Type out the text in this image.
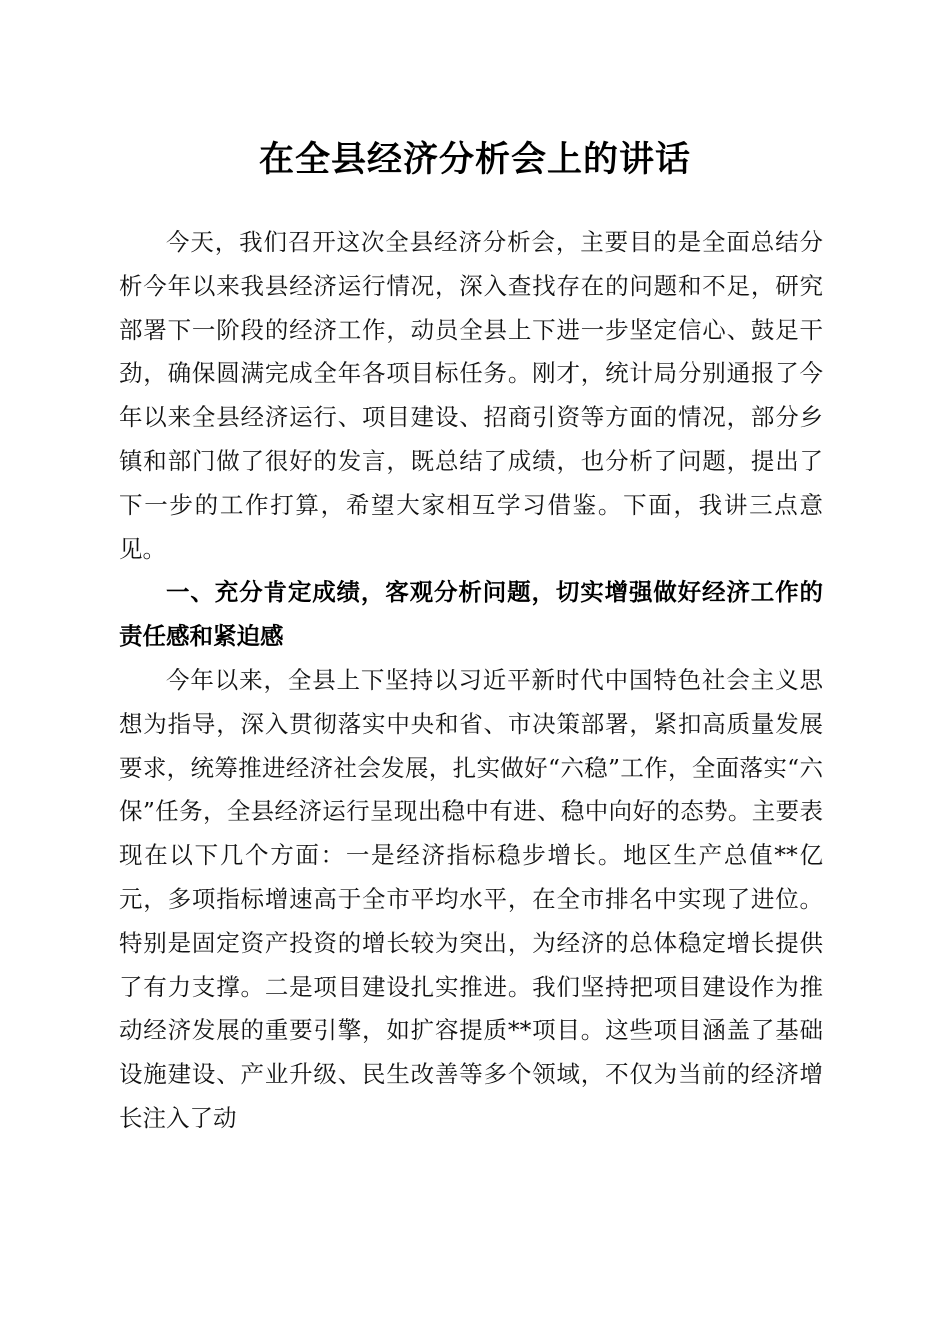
在全县经济分析会上的讲话

今天，我们召开这次全县经济分析会，主要目的是全面总结分析今年以来我县经济运行情况，深入查找存在的问题和不足，研究部署下一阶段的经济工作，动员全县上下进一步坚定信心、鼓足干劲，确保圆满完成全年各项目标任务。刚才，统计局分别通报了今年以来全县经济运行、项目建设、招商引资等方面的情况，部分乡镇和部门做了很好的发言，既总结了成绩，也分析了问题，提出了下一步的工作打算，希望大家相互学习借鉴。下面，我讲三点意见。

一、充分肯定成绩，客观分析问题，切实增强做好经济工作的责任感和紧迫感

今年以来，全县上下坚持以习近平新时代中国特色社会主义思想为指导，深入贯彻落实中央和省、市决策部署，紧扣高质量发展要求，统筹推进经济社会发展，扎实做好“六稳”工作，全面落实“六保”任务，全县经济运行呈现出稳中有进、稳中向好的态势。主要表现在以下几个方面：一是经济指标稳步增长。地区生产总值**亿元，多项指标增速高于全市平均水平，在全市排名中实现了进位。特别是固定资产投资的增长较为突出，为经济的总体稳定增长提供了有力支撑。二是项目建设扎实推进。我们坚持把项目建设作为推动经济发展的重要引擎，如扩容提质**项目。这些项目涵盖了基础设施建设、产业升级、民生改善等多个领域，不仅为当前的经济增长注入了动
